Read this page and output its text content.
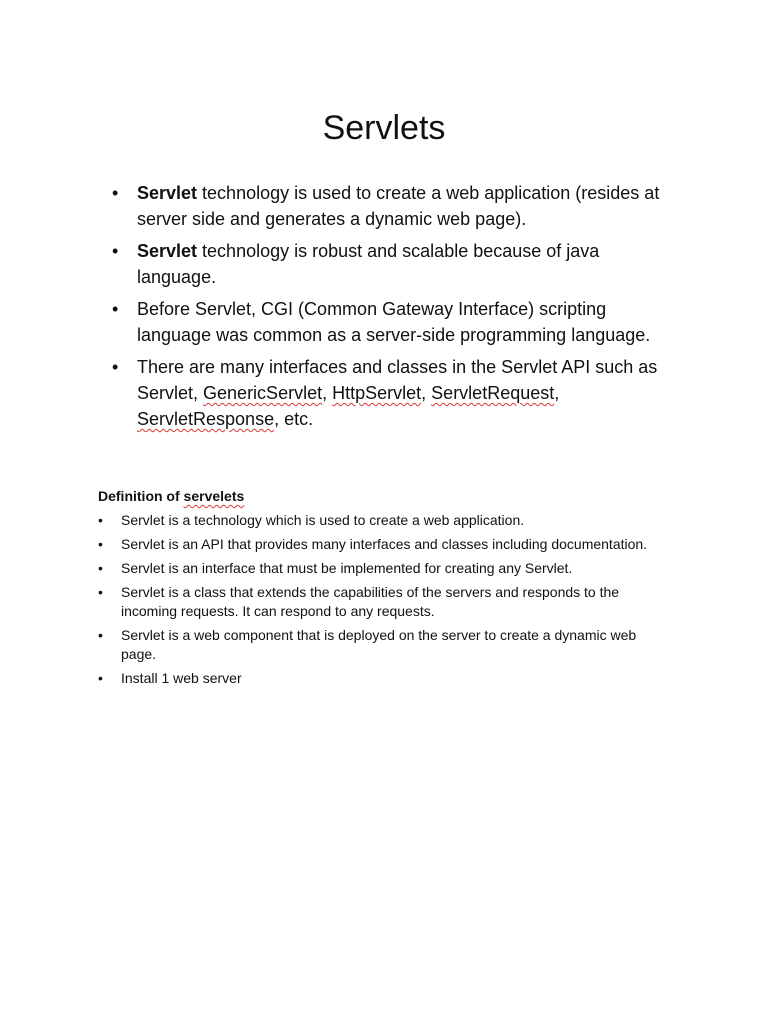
Servlets
• Servlet technology is used to create a web application (resides at server side and generates a dynamic web page).
• Servlet technology is robust and scalable because of java language.
• Before Servlet, CGI (Common Gateway Interface) scripting language was common as a server-side programming language.
• There are many interfaces and classes in the Servlet API such as Servlet, GenericServlet, HttpServlet, ServletRequest, ServletResponse, etc.

Definition of servelets

• Servlet is a technology which is used to create a web application.
• Servlet is an API that provides many interfaces and classes including documentation.
• Servlet is an interface that must be implemented for creating any Servlet.
• Servlet is a class that extends the capabilities of the servers and responds to the incoming requests. It can respond to any requests.
• Servlet is a web component that is deployed on the server to create a dynamic web page.
• Install 1 web server
